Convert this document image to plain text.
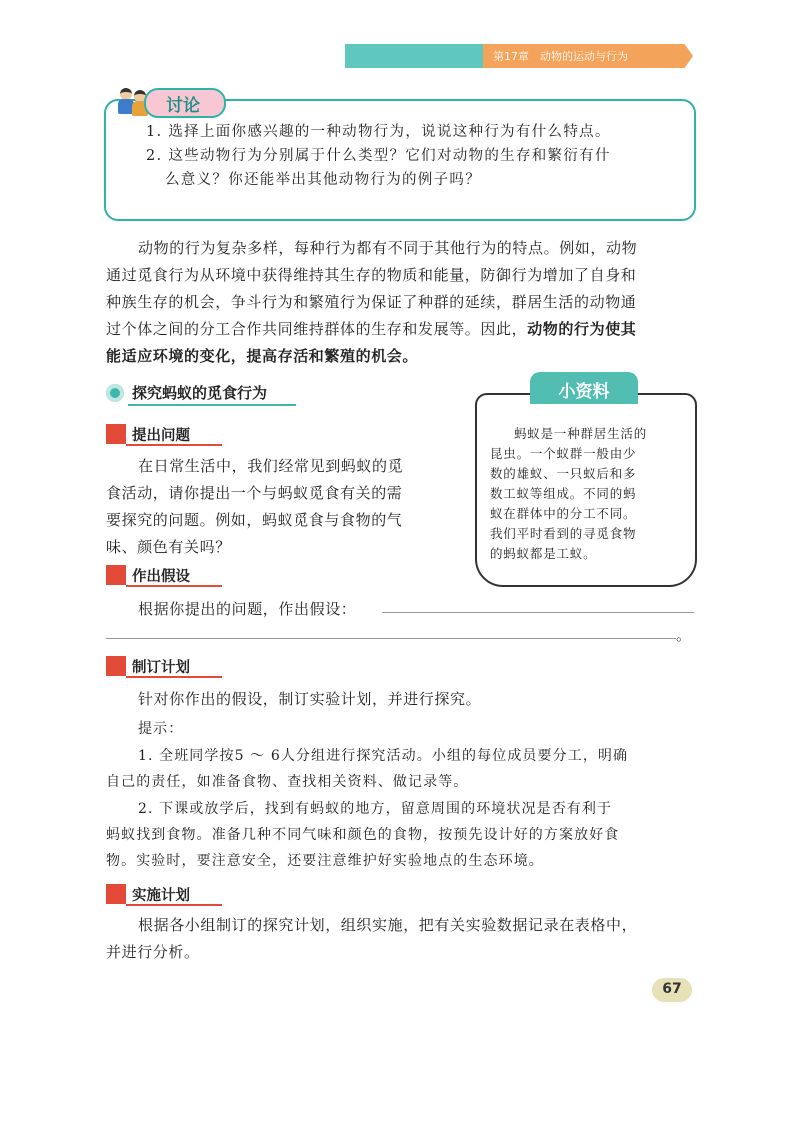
第17章　动物的运动与行为
讨论
1. 选择上面你感兴趣的一种动物行为，说说这种行为有什么特点。
2. 这些动物行为分别属于什么类型？它们对动物的生存和繁衍有什
么意义？你还能举出其他动物行为的例子吗？
动物的行为复杂多样，每种行为都有不同于其他行为的特点。例如，动物
通过觅食行为从环境中获得维持其生存的物质和能量，防御行为增加了自身和
种族生存的机会，争斗行为和繁殖行为保证了种群的延续，群居生活的动物通
过个体之间的分工合作共同维持群体的生存和发展等。因此，动物的行为使其
能适应环境的变化，提高存活和繁殖的机会。
探究蚂蚁的觅食行为	小资料
蚂蚁是一种群居生活的
昆虫。一个蚁群一般由少
数的雄蚁、一只蚁后和多
数工蚁等组成。不同的蚂
蚁在群体中的分工不同。
我们平时看到的寻觅食物
的蚂蚁都是工蚁。
提出问题
在日常生活中，我们经常见到蚂蚁的觅
食活动，请你提出一个与蚂蚁觅食有关的需
要探究的问题。例如，蚂蚁觅食与食物的气
味、颜色有关吗？
作出假设
根据你提出的问题，作出假设：
。
制订计划
针对你作出的假设，制订实验计划，并进行探究。
提示：
1. 全班同学按5 ～ 6人分组进行探究活动。小组的每位成员要分工，明确
自己的责任，如准备食物、查找相关资料、做记录等。
2. 下课或放学后，找到有蚂蚁的地方，留意周围的环境状况是否有利于
蚂蚁找到食物。准备几种不同气味和颜色的食物，按预先设计好的方案放好食
物。实验时，要注意安全，还要注意维护好实验地点的生态环境。
实施计划
根据各小组制订的探究计划，组织实施，把有关实验数据记录在表格中，
并进行分析。
67
